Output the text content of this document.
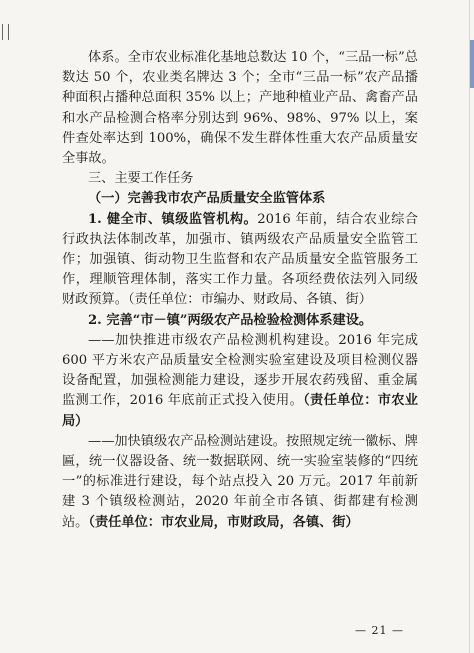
体系。全市农业标准化基地总数达 10 个，“三品一标”总数达 50 个，农业类名牌达 3 个；全市“三品一标”农产品播种面积占播种总面积 35% 以上；产地种植业产品、禽畜产品和水产品检测合格率分别达到 96%、98%、97% 以上，案件查处率达到 100%，确保不发生群体性重大农产品质量安全事故。

三、主要工作任务

（一）完善我市农产品质量安全监管体系

1. 健全市、镇级监管机构。2016 年前，结合农业综合行政执法体制改革，加强市、镇两级农产品质量安全监管工作；加强镇、街动物卫生监督和农产品质量安全监管服务工作，理顺管理体制，落实工作力量。各项经费依法列入同级财政预算。（责任单位：市编办、财政局、各镇、街）

2. 完善“市－镇”两级农产品检验检测体系建设。

——加快推进市级农产品检测机构建设。2016 年完成 600 平方米农产品质量安全检测实验室建设及项目检测仪器设备配置，加强检测能力建设，逐步开展农药残留、重金属监测工作，2016 年底前正式投入使用。（责任单位：市农业局）

——加快镇级农产品检测站建设。按照规定统一徽标、牌匾，统一仪器设备、统一数据联网、统一实验室装修的“四统一”的标准进行建设，每个站点投入 20 万元。2017 年前新建 3 个镇级检测站，2020 年前全市各镇、街都建有检测站。（责任单位：市农业局，市财政局，各镇、街）

— 21 —
